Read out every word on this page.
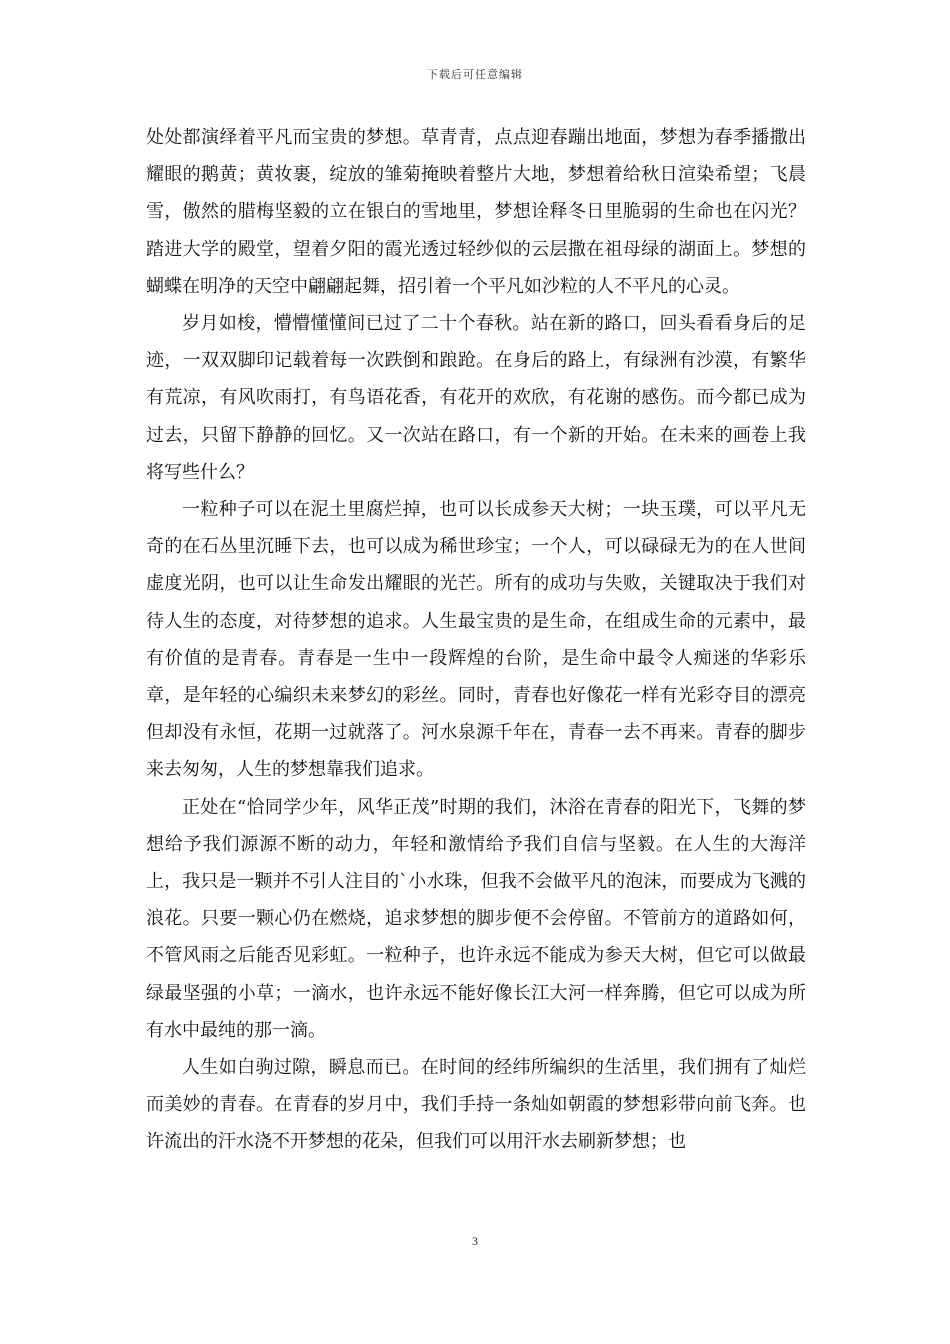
下载后可任意编辑

处处都演绎着平凡而宝贵的梦想。草青青，点点迎春蹦出地面，梦想为春季播撒出耀眼的鹅黄；黄妆裹，绽放的雏菊掩映着整片大地，梦想着给秋日渲染希望；飞晨雪，傲然的腊梅坚毅的立在银白的雪地里，梦想诠释冬日里脆弱的生命也在闪光？踏进大学的殿堂，望着夕阳的霞光透过轻纱似的云层撒在祖母绿的湖面上。梦想的蝴蝶在明净的天空中翩翩起舞，招引着一个平凡如沙粒的人不平凡的心灵。

岁月如梭，懵懵懂懂间已过了二十个春秋。站在新的路口，回头看看身后的足迹，一双双脚印记载着每一次跌倒和踉跄。在身后的路上，有绿洲有沙漠，有繁华有荒凉，有风吹雨打，有鸟语花香，有花开的欢欣，有花谢的感伤。而今都已成为过去，只留下静静的回忆。又一次站在路口，有一个新的开始。在未来的画卷上我将写些什么？

一粒种子可以在泥土里腐烂掉，也可以长成参天大树；一块玉璞，可以平凡无奇的在石丛里沉睡下去，也可以成为稀世珍宝；一个人，可以碌碌无为的在人世间虚度光阴，也可以让生命发出耀眼的光芒。所有的成功与失败，关键取决于我们对待人生的态度，对待梦想的追求。人生最宝贵的是生命，在组成生命的元素中，最有价值的是青春。青春是一生中一段辉煌的台阶，是生命中最令人痴迷的华彩乐章，是年轻的心编织未来梦幻的彩丝。同时，青春也好像花一样有光彩夺目的漂亮但却没有永恒，花期一过就落了。河水泉源千年在，青春一去不再来。青春的脚步来去匆匆，人生的梦想靠我们追求。

正处在“恰同学少年，风华正茂”时期的我们，沐浴在青春的阳光下，飞舞的梦想给予我们源源不断的动力，年轻和激情给予我们自信与坚毅。在人生的大海洋上，我只是一颗并不引人注目的`小水珠，但我不会做平凡的泡沫，而要成为飞溅的浪花。只要一颗心仍在燃烧，追求梦想的脚步便不会停留。不管前方的道路如何，不管风雨之后能否见彩虹。一粒种子，也许永远不能成为参天大树，但它可以做最绿最坚强的小草；一滴水，也许永远不能好像长江大河一样奔腾，但它可以成为所有水中最纯的那一滴。

人生如白驹过隙，瞬息而已。在时间的经纬所编织的生活里，我们拥有了灿烂而美妙的青春。在青春的岁月中，我们手持一条灿如朝霞的梦想彩带向前飞奔。也许流出的汗水浇不开梦想的花朵，但我们可以用汗水去刷新梦想；也

3
